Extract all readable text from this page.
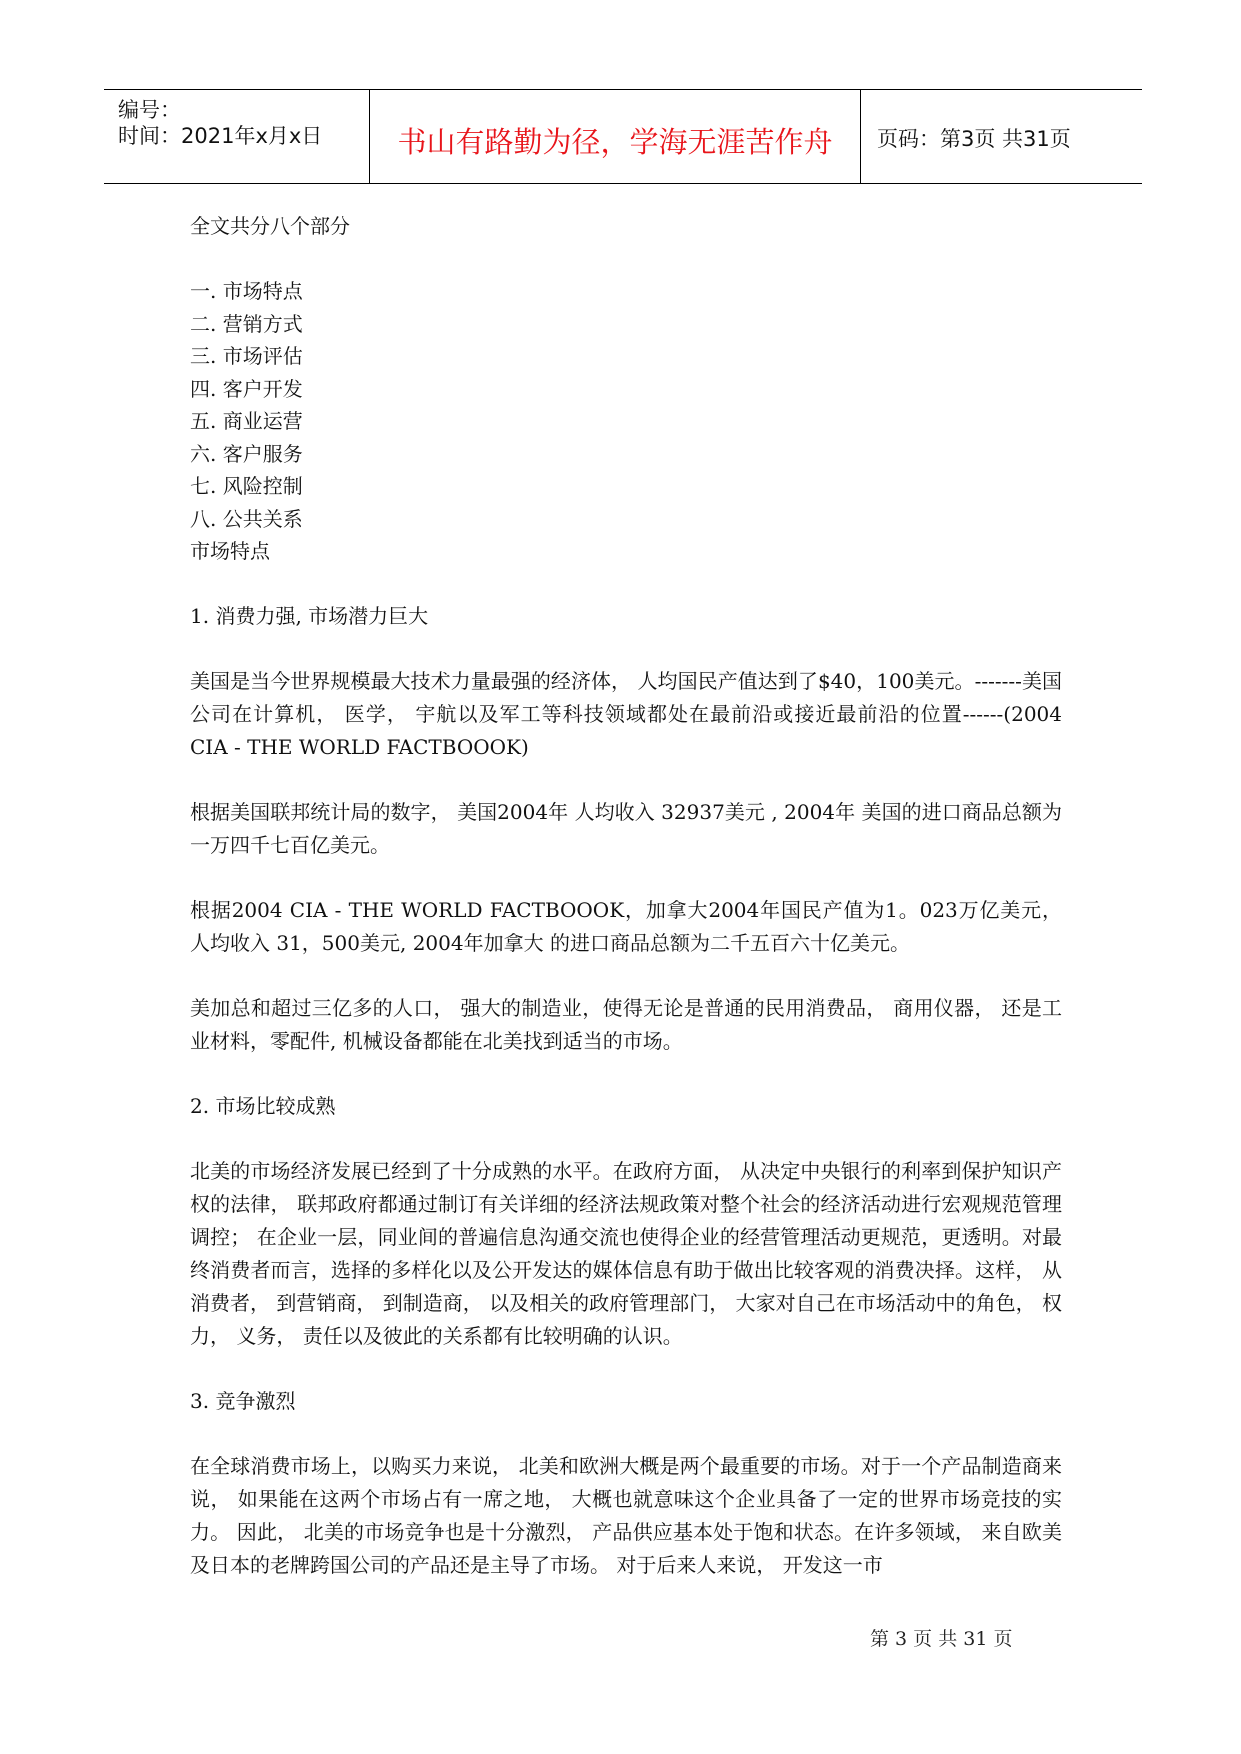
编号：
时间：2021年x月x日	书山有路勤为径，学海无涯苦作舟	页码：第3页 共31页

全文共分八个部分

一. 市场特点

二. 营销方式

三. 市场评估

四. 客户开发

五. 商业运营

六. 客户服务

七. 风险控制

八. 公共关系

市场特点

1. 消费力强, 市场潜力巨大

美国是当今世界规模最大技术力量最强的经济体， 人均国民产值达到了$40，100美元。-------美国公司在计算机， 医学， 宇航以及军工等科技领域都处在最前沿或接近最前沿的位置------(2004 CIA - THE WORLD FACTBOOOK)

根据美国联邦统计局的数字， 美国2004年 人均收入 32937美元 , 2004年 美国的进口商品总额为一万四千七百亿美元。

根据2004 CIA - THE WORLD FACTBOOOK，加拿大2004年国民产值为1。023万亿美元， 人均收入 31，500美元, 2004年加拿大 的进口商品总额为二千五百六十亿美元。

美加总和超过三亿多的人口， 强大的制造业，使得无论是普通的民用消费品， 商用仪器， 还是工业材料，零配件, 机械设备都能在北美找到适当的市场。

2. 市场比较成熟

北美的市场经济发展已经到了十分成熟的水平。在政府方面， 从决定中央银行的利率到保护知识产权的法律， 联邦政府都通过制订有关详细的经济法规政策对整个社会的经济活动进行宏观规范管理调控； 在企业一层，同业间的普遍信息沟通交流也使得企业的经营管理活动更规范，更透明。对最终消费者而言，选择的多样化以及公开发达的媒体信息有助于做出比较客观的消费决择。这样， 从消费者， 到营销商， 到制造商， 以及相关的政府管理部门， 大家对自己在市场活动中的角色， 权力， 义务， 责任以及彼此的关系都有比较明确的认识。

3. 竞争激烈

在全球消费市场上，以购买力来说， 北美和欧洲大概是两个最重要的市场。对于一个产品制造商来说， 如果能在这两个市场占有一席之地， 大概也就意味这个企业具备了一定的世界市场竞技的实力。 因此， 北美的市场竞争也是十分激烈， 产品供应基本处于饱和状态。在许多领域， 来自欧美及日本的老牌跨国公司的产品还是主导了市场。 对于后来人来说， 开发这一市

第 3 页 共 31 页
